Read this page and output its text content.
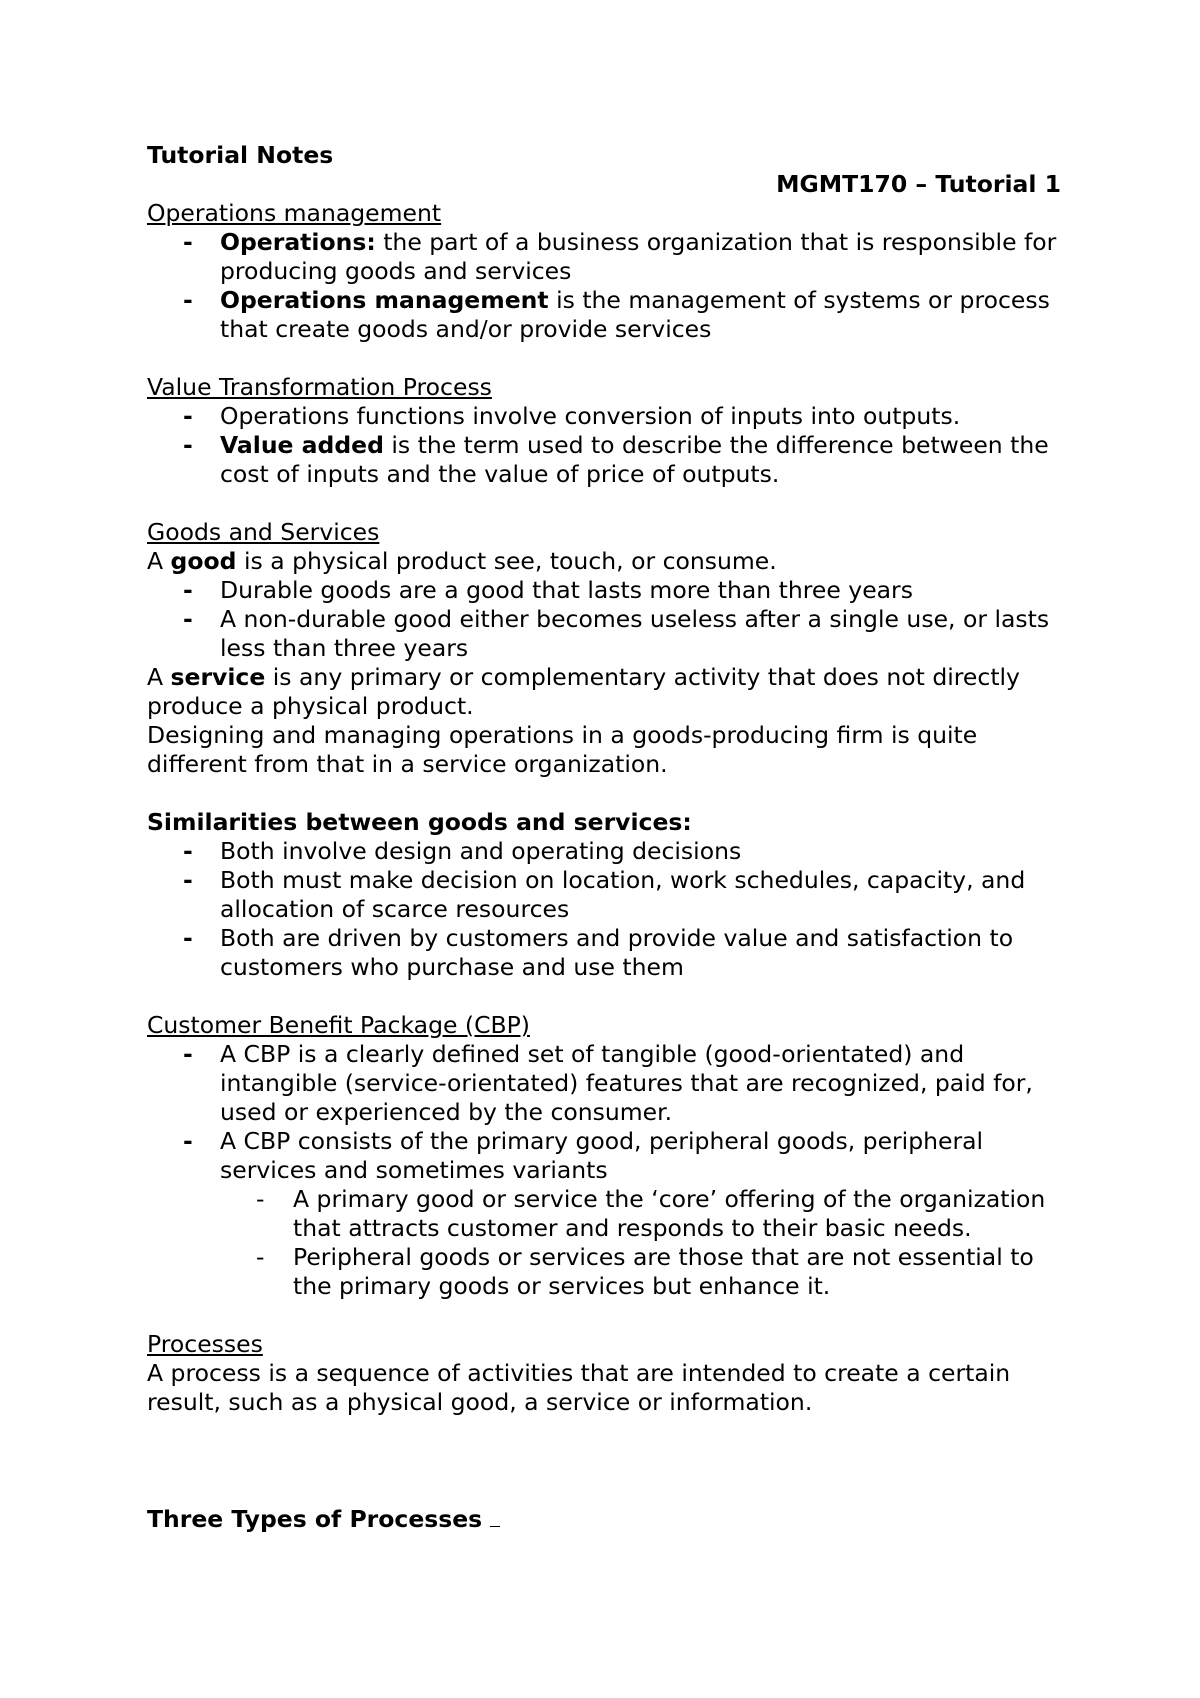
Tutorial Notes
MGMT170 – Tutorial 1
Operations management
- Operations: the part of a business organization that is responsible for producing goods and services
- Operations management is the management of systems or process that create goods and/or provide services
Value Transformation Process
- Operations functions involve conversion of inputs into outputs.
- Value added is the term used to describe the difference between the cost of inputs and the value of price of outputs.
Goods and Services
A good is a physical product see, touch, or consume.
- Durable goods are a good that lasts more than three years
- A non-durable good either becomes useless after a single use, or lasts less than three years
A service is any primary or complementary activity that does not directly produce a physical product.
Designing and managing operations in a goods-producing firm is quite different from that in a service organization.
Similarities between goods and services:
- Both involve design and operating decisions
- Both must make decision on location, work schedules, capacity, and allocation of scarce resources
- Both are driven by customers and provide value and satisfaction to customers who purchase and use them
Customer Benefit Package (CBP)
- A CBP is a clearly defined set of tangible (good-orientated) and intangible (service-orientated) features that are recognized, paid for, used or experienced by the consumer.
- A CBP consists of the primary good, peripheral goods, peripheral services and sometimes variants
- A primary good or service the ‘core’ offering of the organization that attracts customer and responds to their basic needs.
- Peripheral goods or services are those that are not essential to the primary goods or services but enhance it.
Processes
A process is a sequence of activities that are intended to create a certain result, such as a physical good, a service or information.
Three Types of Processes
